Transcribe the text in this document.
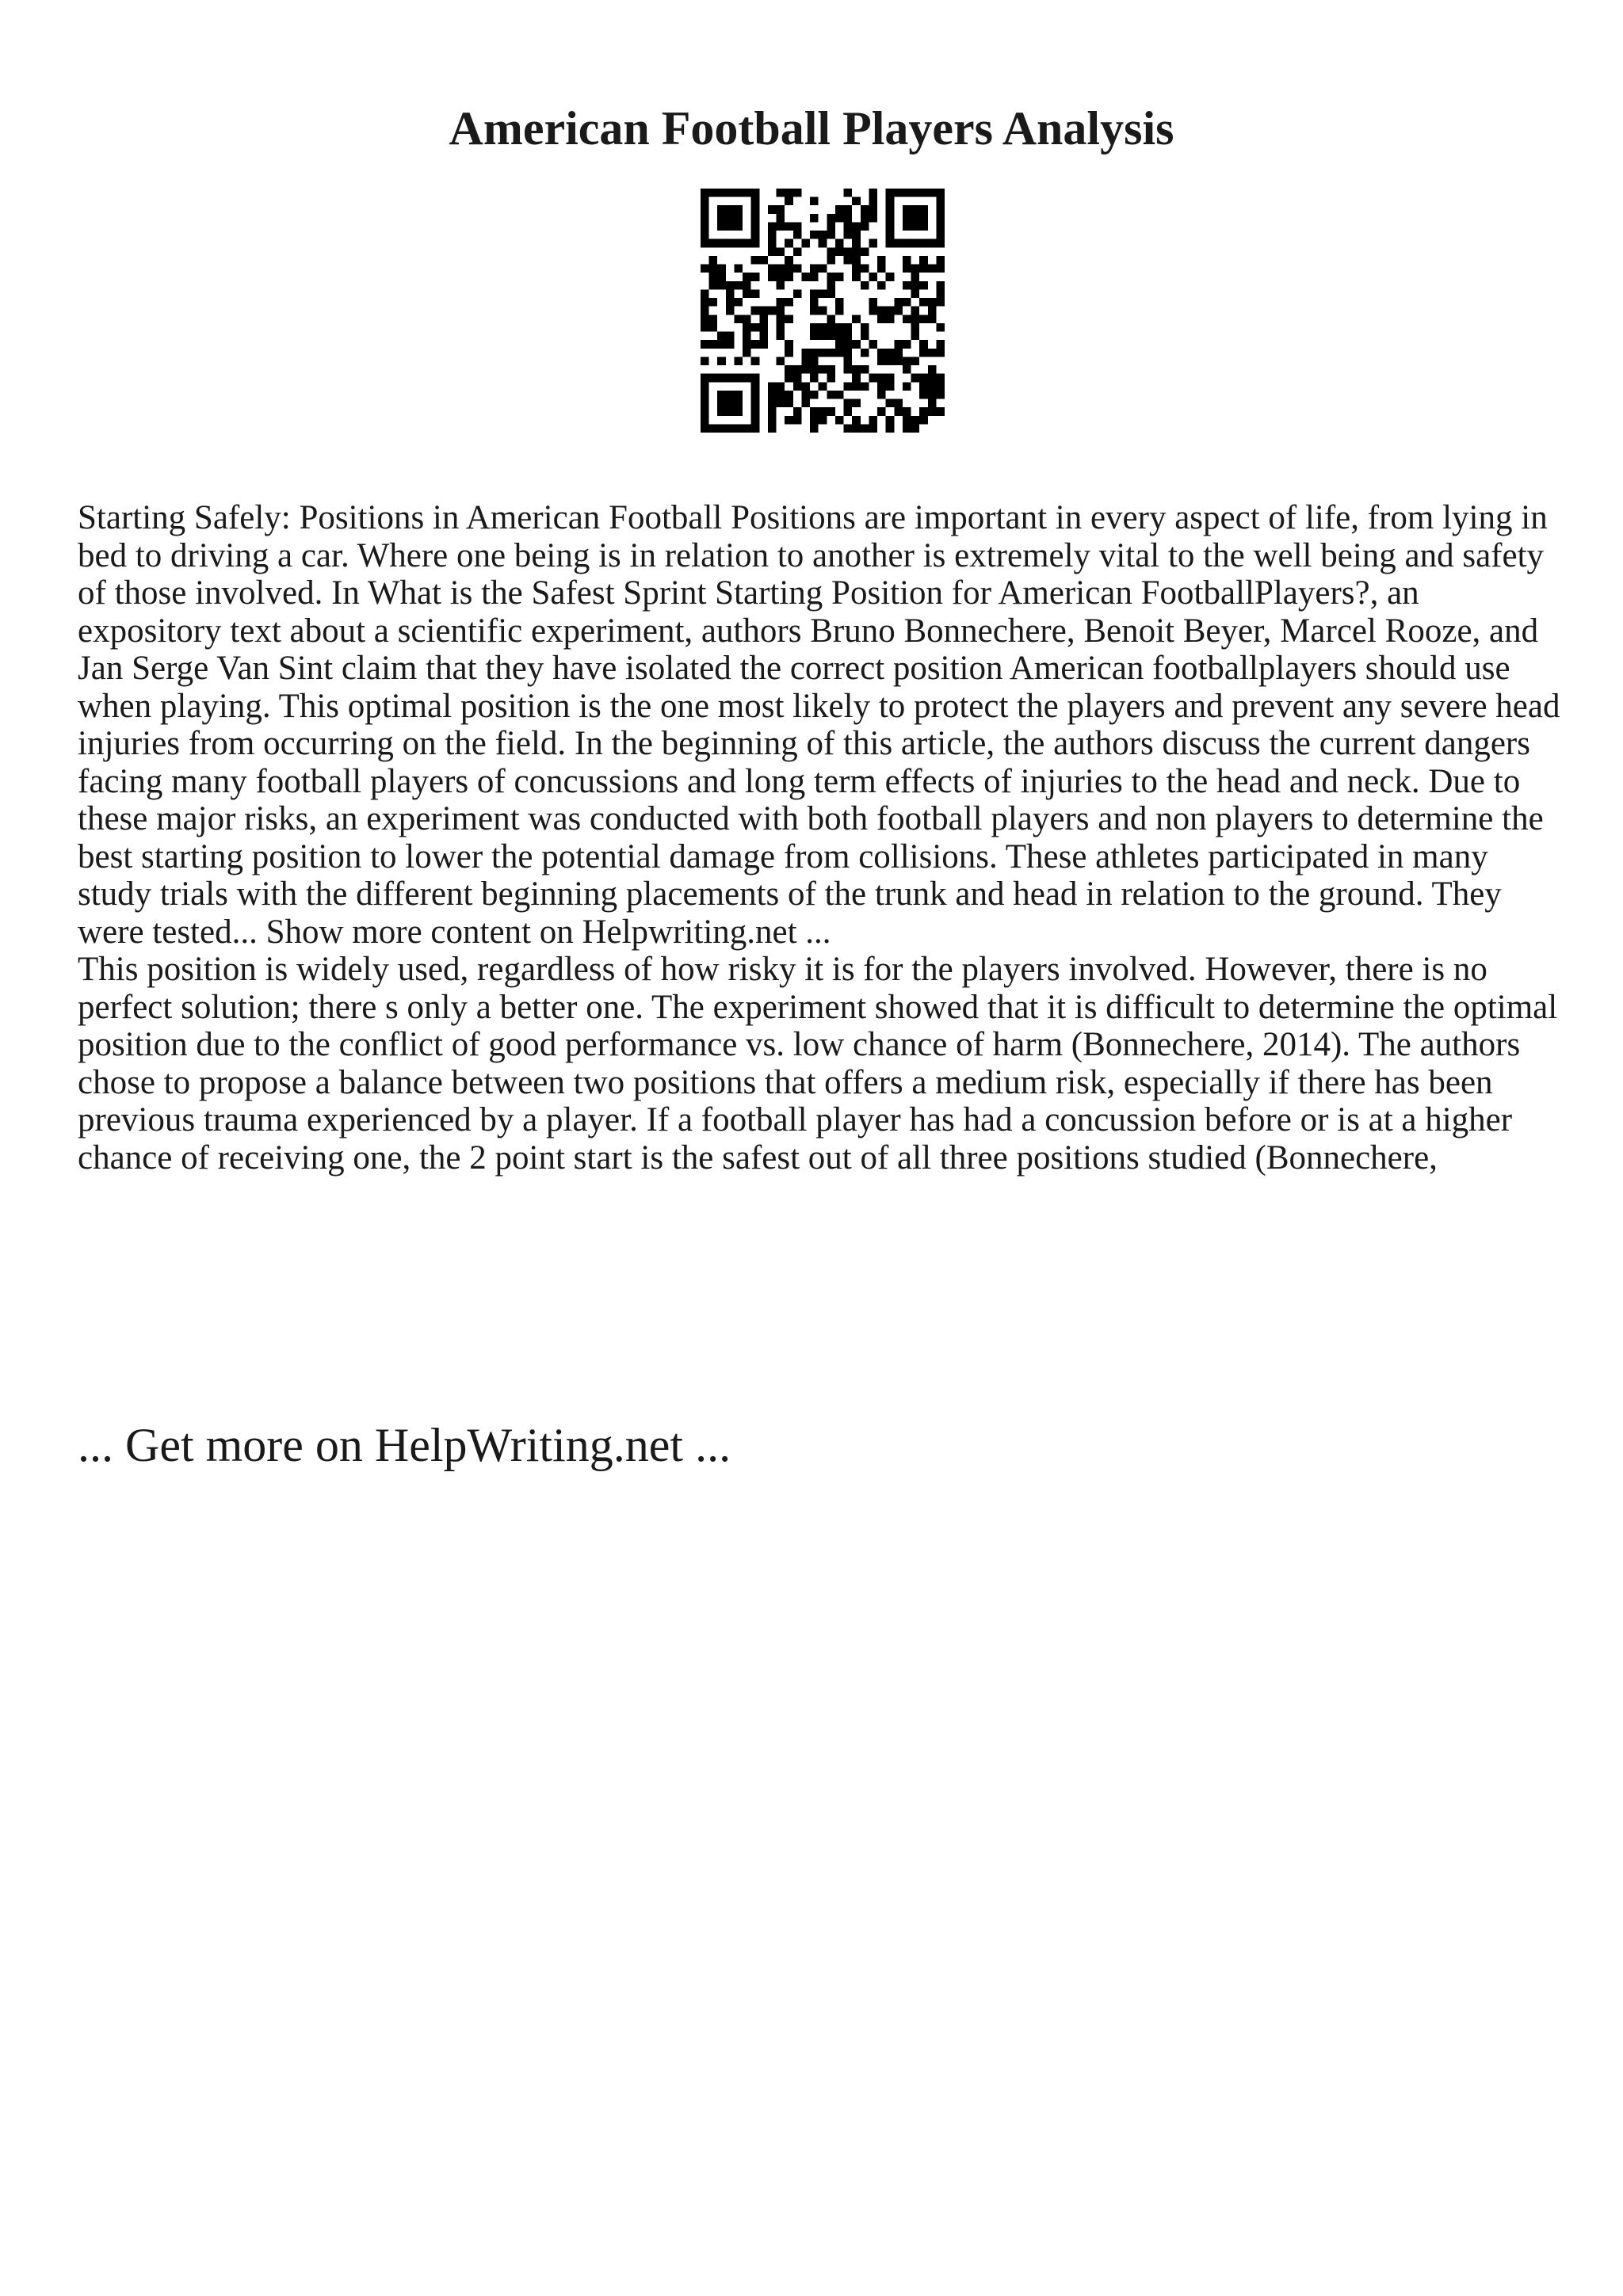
American Football Players Analysis

Starting Safely: Positions in American Football Positions are important in every aspect of life, from lying in bed to driving a car. Where one being is in relation to another is extremely vital to the well being and safety of those involved. In What is the Safest Sprint Starting Position for American FootballPlayers?, an expository text about a scientific experiment, authors Bruno Bonnechere, Benoit Beyer, Marcel Rooze, and Jan Serge Van Sint claim that they have isolated the correct position American footballplayers should use when playing. This optimal position is the one most likely to protect the players and prevent any severe head injuries from occurring on the field. In the beginning of this article, the authors discuss the current dangers facing many football players of concussions and long term effects of injuries to the head and neck. Due to these major risks, an experiment was conducted with both football players and non players to determine the best starting position to lower the potential damage from collisions. These athletes participated in many study trials with the different beginning placements of the trunk and head in relation to the ground. They were tested... Show more content on Helpwriting.net ...

This position is widely used, regardless of how risky it is for the players involved. However, there is no perfect solution; there s only a better one. The experiment showed that it is difficult to determine the optimal position due to the conflict of good performance vs. low chance of harm (Bonnechere, 2014). The authors chose to propose a balance between two positions that offers a medium risk, especially if there has been previous trauma experienced by a player. If a football player has had a concussion before or is at a higher chance of receiving one, the 2 point start is the safest out of all three positions studied (Bonnechere,

... Get more on HelpWriting.net ...
